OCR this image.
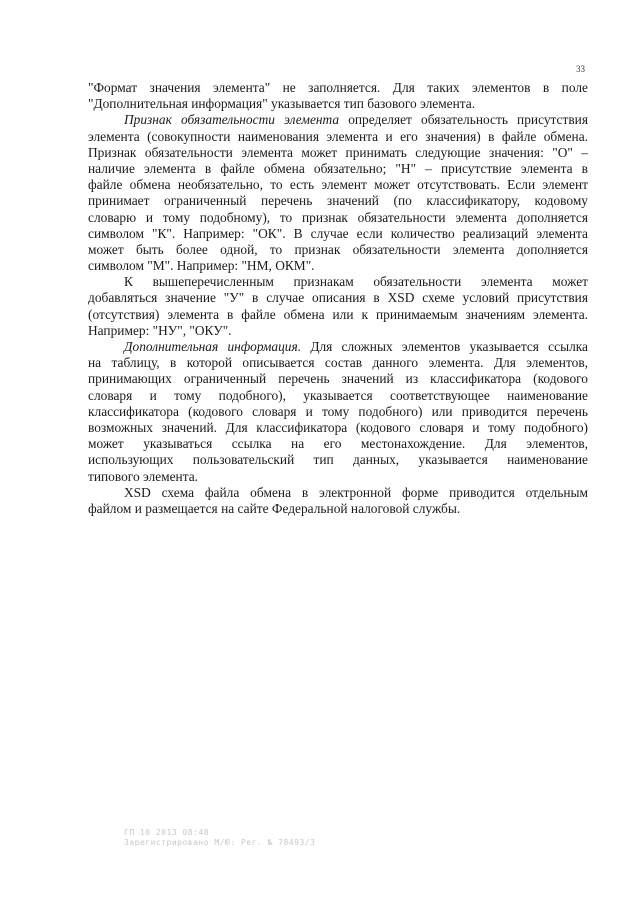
33
"Формат значения элемента" не заполняется. Для таких элементов в поле
"Дополнительная информация" указывается тип базового элемента.
Признак обязательности элемента определяет обязательность присутствия
элемента (совокупности наименования элемента и его значения) в файле обмена.
Признак обязательности элемента может принимать следующие значения: "О" –
наличие элемента в файле обмена обязательно; "Н" – присутствие элемента в
файле обмена необязательно, то есть элемент может отсутствовать. Если элемент
принимает ограниченный перечень значений (по классификатору, кодовому
словарю и тому подобному), то признак обязательности элемента дополняется
символом "К". Например: "ОК". В случае если количество реализаций элемента
может быть более одной, то признак обязательности элемента дополняется
символом "М". Например: "НМ, ОКМ".
К вышеперечисленным признакам обязательности элемента может
добавляться значение "У" в случае описания в XSD схеме условий присутствия
(отсутствия) элемента в файле обмена или к принимаемым значениям элемента.
Например: "НУ", "ОКУ".
Дополнительная информация. Для сложных элементов указывается ссылка
на таблицу, в которой описывается состав данного элемента. Для элементов,
принимающих ограниченный перечень значений из классификатора (кодового
словаря и тому подобного), указывается соответствующее наименование
классификатора (кодового словаря и тому подобного) или приводится перечень
возможных значений. Для классификатора (кодового словаря и тому подобного)
может указываться ссылка на его местонахождение. Для элементов,
использующих пользовательский тип данных, указывается наименование
типового элемента.
XSD схема файла обмена в электронной форме приводится отдельным
файлом и размещается на сайте Федеральной налоговой службы.
ГП 10 2013 08:48
Зарегистрировано М/Ю: Рег. № 78493/3
